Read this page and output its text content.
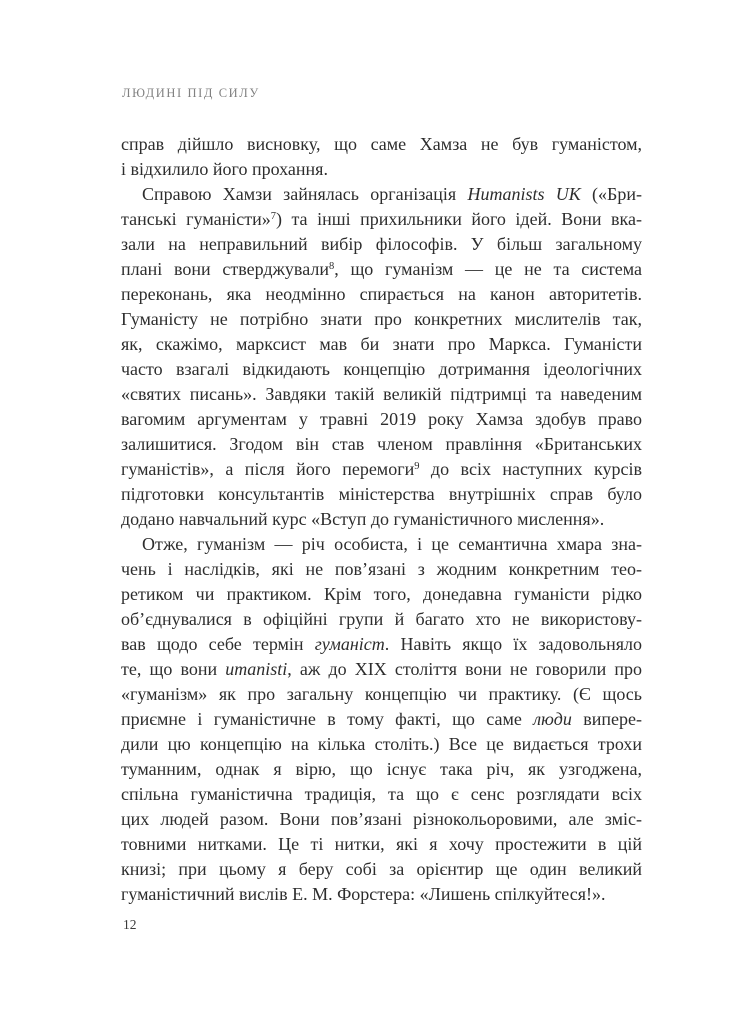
ЛЮДИНІ ПІД СИЛУ
справ дійшло висновку, що саме Хамза не був гуманістом,
і відхилило його прохання.
Справою Хамзи зайнялась організація Humanists UK («Бри-
танські гуманісти»$^7$) та інші прихильники його ідей. Вони вка-
зали на неправильний вибір філософів. У більш загальному
плані вони стверджували$^8$, що гуманізм — це не та система
переконань, яка неодмінно спирається на канон авторитетів.
Гуманісту не потрібно знати про конкретних мислителів так,
як, скажімо, марксист мав би знати про Маркса. Гуманісти
часто взагалі відкидають концепцію дотримання ідеологічних
«святих писань». Завдяки такій великій підтримці та наведеним
вагомим аргументам у травні 2019 року Хамза здобув право
залишитися. Згодом він став членом правління «Британських
гуманістів», а після його перемоги$^9$ до всіх наступних курсів
підготовки консультантів міністерства внутрішніх справ було
додано навчальний курс «Вступ до гуманістичного мислення».
Отже, гуманізм — річ особиста, і це семантична хмара зна-
чень і наслідків, які не пов’язані з жодним конкретним тео-
ретиком чи практиком. Крім того, донедавна гуманісти рідко
об’єднувалися в офіційні групи й багато хто не використову-
вав щодо себе термін гуманіст. Навіть якщо їх задовольняло
те, що вони umanisti, аж до XIX століття вони не говорили про
«гуманізм» як про загальну концепцію чи практику. (Є щось
приємне і гуманістичне в тому факті, що саме люди випере-
дили цю концепцію на кілька століть.) Все це видається трохи
туманним, однак я вірю, що існує така річ, як узгоджена,
спільна гуманістична традиція, та що є сенс розглядати всіх
цих людей разом. Вони пов’язані різнокольоровими, але зміс-
товними нитками. Це ті нитки, які я хочу простежити в цій
книзі; при цьому я беру собі за орієнтир ще один великий
гуманістичний вислів Е. М. Форстера: «Лишень спілкуйтеся!».
12
